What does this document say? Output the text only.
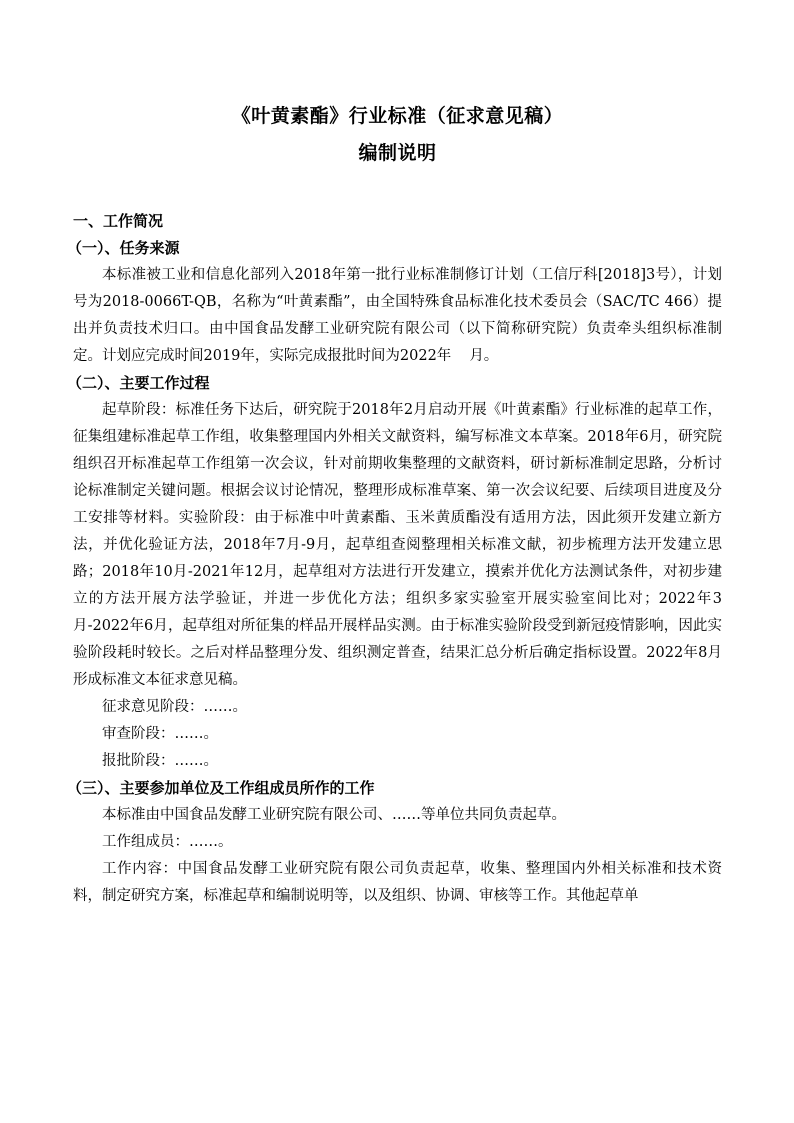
《叶黄素酯》行业标准（征求意见稿）
编制说明
一、工作简况
（一）、任务来源

本标准被工业和信息化部列入2018年第一批行业标准制修订计划（工信厅科[2018]3号），计划号为2018-0066T-QB，名称为“叶黄素酯”，由全国特殊食品标准化技术委员会（SAC/TC 466）提出并负责技术归口。由中国食品发酵工业研究院有限公司（以下简称研究院）负责牵头组织标准制定。计划应完成时间2019年，实际完成报批时间为2022年 月。

（二）、主要工作过程

起草阶段：标准任务下达后，研究院于2018年2月启动开展《叶黄素酯》行业标准的起草工作，征集组建标准起草工作组，收集整理国内外相关文献资料，编写标准文本草案。2018年6月，研究院组织召开标准起草工作组第一次会议，针对前期收集整理的文献资料，研讨新标准制定思路，分析讨论标准制定关键问题。根据会议讨论情况，整理形成标准草案、第一次会议纪要、后续项目进度及分工安排等材料。实验阶段：由于标准中叶黄素酯、玉米黄质酯没有适用方法，因此须开发建立新方法，并优化验证方法，2018年7月-9月，起草组查阅整理相关标准文献，初步梳理方法开发建立思路；2018年10月-2021年12月，起草组对方法进行开发建立，摸索并优化方法测试条件，对初步建立的方法开展方法学验证，并进一步优化方法；组织多家实验室开展实验室间比对；2022年3月-2022年6月，起草组对所征集的样品开展样品实测。由于标准实验阶段受到新冠疫情影响，因此实验阶段耗时较长。之后对样品整理分发、组织测定普查，结果汇总分析后确定指标设置。2022年8月形成标准文本征求意见稿。

征求意见阶段：……。

审查阶段：……。

报批阶段：……。

（三）、主要参加单位及工作组成员所作的工作

本标准由中国食品发酵工业研究院有限公司、……等单位共同负责起草。

工作组成员：……。

工作内容：中国食品发酵工业研究院有限公司负责起草，收集、整理国内外相关标准和技术资料，制定研究方案，标准起草和编制说明等，以及组织、协调、审核等工作。其他起草单
